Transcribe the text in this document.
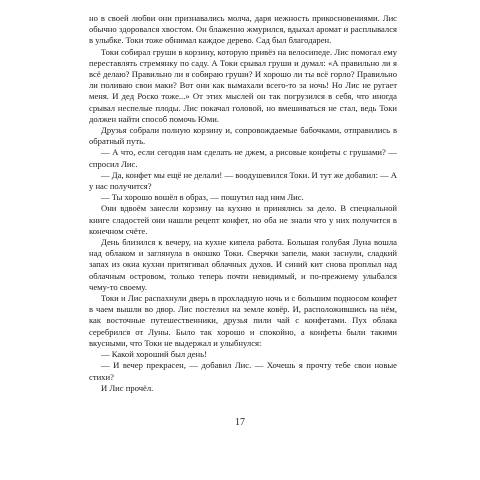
но в своей любви они признавались молча, даря нежность прикосновениями. Лис обычно здоровался хвостом. Он блаженно жмурился, вдыхал аромат и расплывался в улыбке. Токи тоже обнимал каждое дерево. Сад был благодарен.

Токи собирал груши в корзину, которую привёз на велосипеде. Лис помогал ему переставлять стремянку по саду. А Токи срывал груши и думал: «А правильно ли я всё делаю? Правильно ли я собираю груши? И хорошо ли ты всё горло? Правильно ли поливаю свои маки? Вот они как вымахали всего-то за ночь! Но Лис не ругает меня. И дед Роско тоже...» От этих мыслей он так погрузился в себя, что иногда срывал неспелые плоды. Лис покачал головой, но вмешиваться не стал, ведь Токи должен найти способ помочь Юми.

Друзья собрали полную корзину и, сопровождаемые бабочками, отправились в обратный путь.

— А что, если сегодня нам сделать не джем, а рисовые конфеты с грушами? — спросил Лис.

— Да, конфет мы ещё не делали! — воодушевился Токи. И тут же добавил: — А у нас получится?

— Ты хорошо вошёл в образ, — пошутил над ним Лис.

Они вдвоём занесли корзину на кухню и принялись за дело. В специальной книге сладостей они нашли рецепт конфет, но оба не знали что у них получится в конечном счёте.

День близился к вечеру, на кухне кипела работа. Большая голубая Луна вошла над облаком и заглянула в окошко Токи. Сверчки запели, маки заснули, сладкий запах из окна кухни притягивал облачных духов. И синий кит снова проплыл над облачным островом, только теперь почти невидимый, и по-прежнему улыбался чему-то своему.

Токи и Лис распахнули дверь в прохладную ночь и с большим подносом конфет в чаем вышли во двор. Лис постелил на земле ковёр. И, расположившись на нём, как восточные путешественники, друзья пили чай с конфетами. Пух облака серебрился от Луны. Было так хорошо и спокойно, а конфеты были такими вкусными, что Токи не выдержал и улыбнулся:

— Какой хороший был день!

— И вечер прекрасен, — добавил Лис. — Хочешь я прочту тебе свои новые стихи?

И Лис прочёл.

17
